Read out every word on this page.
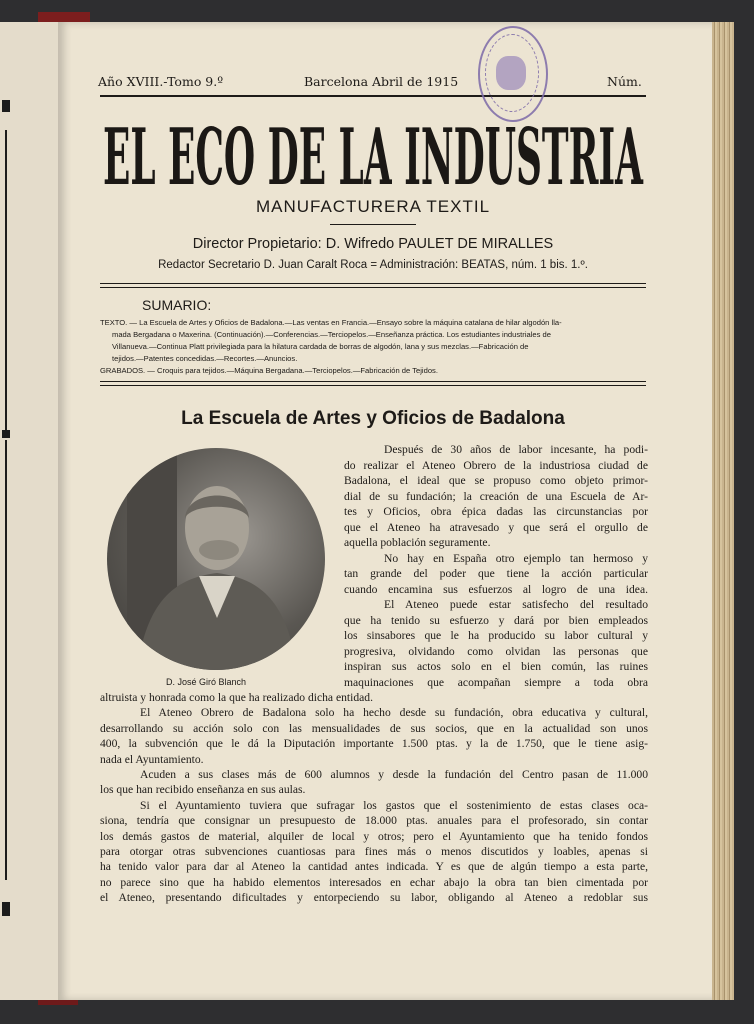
Año XVIII.-Tomo 9.º	Barcelona Abril de 1915	Núm.
EL ECO DE LA INDUSTRIA
MANUFACTURERA TEXTIL
Director Propietario: D. Wifredo PAULET DE MIRALLES
Redactor Secretario D. Juan Caralt Roca = Administración: BEATAS, núm. 1 bis. 1.º.
SUMARIO:
TEXTO. — La Escuela de Artes y Oficios de Badalona.—Las ventas en Francia.—Ensayo sobre la máquina catalana de hilar algodón lla-
mada Bergadana o Maxerina. (Continuación).—Conferencias.—Terciopelos.—Enseñanza práctica. Los estudiantes industriales de
Villanueva.—Continua Platt privilegiada para la hilatura cardada de borras de algodón, lana y sus mezclas.—Fabricación de
tejidos.—Patentes concedidas.—Recortes.—Anuncios.
GRABADOS. — Croquis para tejidos.—Máquina Bergadana.—Terciopelos.—Fabricación de Tejidos.
La Escuela de Artes y Oficios de Badalona
D. José Giró Blanch
Después de 30 años de labor incesante, ha podi-
do realizar el Ateneo Obrero de la industriosa ciudad de
Badalona, el ideal que se propuso como objeto primor-
dial de su fundación; la creación de una Escuela de Ar-
tes y Oficios, obra épica dadas las circunstancias por
que el Ateneo ha atravesado y que será el orgullo de
aquella población seguramente.
No hay en España otro ejemplo tan hermoso y
tan grande del poder que tiene la acción particular
cuando encamina sus esfuerzos al logro de una idea.
El Ateneo puede estar satisfecho del resultado
que ha tenido su esfuerzo y dará por bien empleados
los sinsabores que le ha producido su labor cultural y
progresiva, olvidando como olvidan las personas que
inspiran sus actos solo en el bien común, las ruines
maquinaciones que acompañan siempre a toda obra
altruista y honrada como la que ha realizado dicha entidad.
El Ateneo Obrero de Badalona solo ha hecho desde su fundación, obra educativa y cultural,
desarrollando su acción solo con las mensualidades de sus socios, que en la actualidad son unos
400, la subvención que le dá la Diputación importante 1.500 ptas. y la de 1.750, que le tiene asig-
nada el Ayuntamiento.
Acuden a sus clases más de 600 alumnos y desde la fundación del Centro pasan de 11.000
los que han recibido enseñanza en sus aulas.
Si el Ayuntamiento tuviera que sufragar los gastos que el sostenimiento de estas clases oca-
siona, tendría que consignar un presupuesto de 18.000 ptas. anuales para el profesorado, sin contar
los demás gastos de material, alquiler de local y otros; pero el Ayuntamiento que ha tenido fondos
para otorgar otras subvenciones cuantiosas para fines más o menos discutidos y loables, apenas si
ha tenido valor para dar al Ateneo la cantidad antes indicada. Y es que de algún tiempo a esta parte,
no parece sino que ha habido elementos interesados en echar abajo la obra tan bien cimentada por
el Ateneo, presentando dificultades y entorpeciendo su labor, obligando al Ateneo a redoblar sus
